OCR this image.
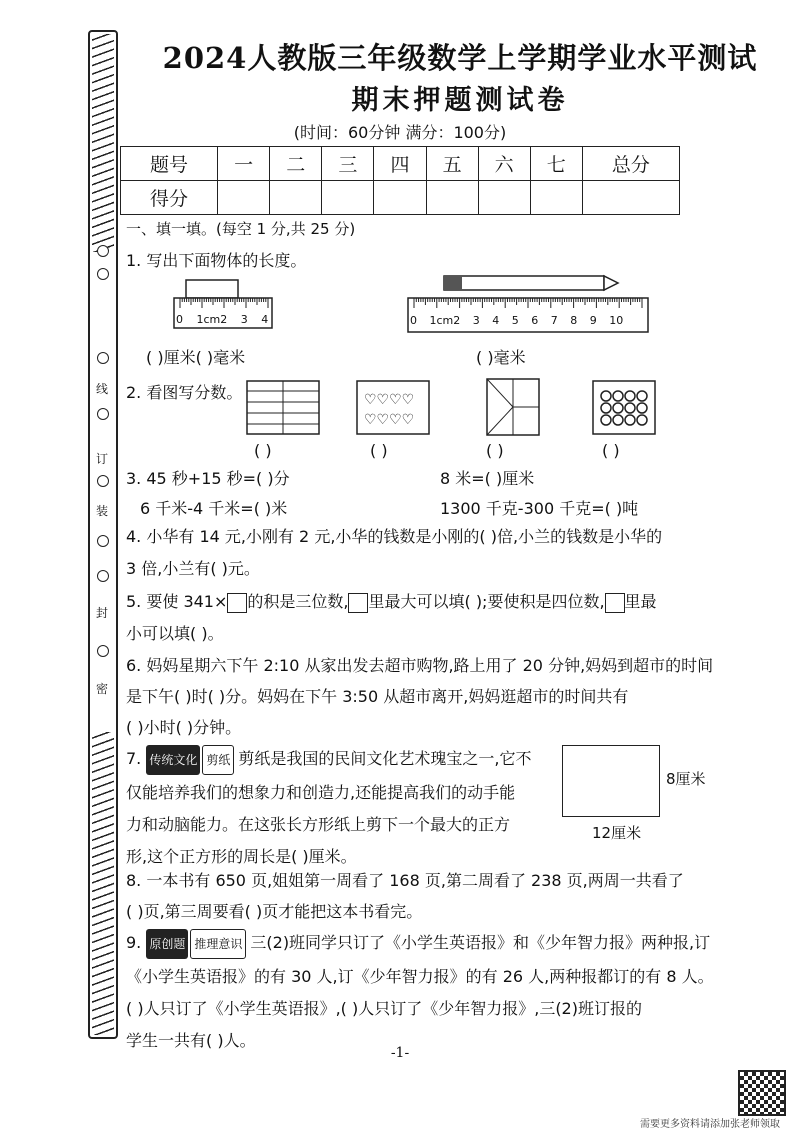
线
订
装
封
密
2024人教版三年级数学上学期学业水平测试
期末押题测试卷
(时间：60分钟 满分：100分)
题号	一	二	三	四	五	六	七	总分
得分								
一、填一填。(每空 1 分,共 25 分)
1. 写出下面物体的长度。
0 1cm2 3 4	0 1cm2 3 4 5 6 7 8 9 10
( )厘米( )毫米	( )毫米
2. 看图写分数。	♡♡♡♡
♡♡♡♡
( )	( )	( )	( )
3. 45 秒+15 秒=( )分	8 米=( )厘米
6 千米-4 千米=( )米	1300 千克-300 千克=( )吨
4. 小华有 14 元,小刚有 2 元,小华的钱数是小刚的( )倍,小兰的钱数是小华的
3 倍,小兰有( )元。
5. 要使 341× 的积是三位数, 里最大可以填( );要使积是四位数, 里最
小可以填( )。
6. 妈妈星期六下午 2:10 从家出发去超市购物,路上用了 20 分钟,妈妈到超市的时间
是下午( )时( )分。妈妈在下午 3:50 从超市离开,妈妈逛超市的时间共有
( )小时( )分钟。
7. 传统文化 剪纸 剪纸是我国的民间文化艺术瑰宝之一,它不
仅能培养我们的想象力和创造力,还能提高我们的动手能
力和动脑能力。在这张长方形纸上剪下一个最大的正方
形,这个正方形的周长是( )厘米。
8厘米
12厘米
8. 一本书有 650 页,姐姐第一周看了 168 页,第二周看了 238 页,两周一共看了
( )页,第三周要看( )页才能把这本书看完。
9. 原创题 推理意识 三(2)班同学只订了《小学生英语报》和《少年智力报》两种报,订
《小学生英语报》的有 30 人,订《少年智力报》的有 26 人,两种报都订的有 8 人。
( )人只订了《小学生英语报》,( )人只订了《少年智力报》,三(2)班订报的
学生一共有( )人。
-1-
需要更多资料请添加张老师领取
